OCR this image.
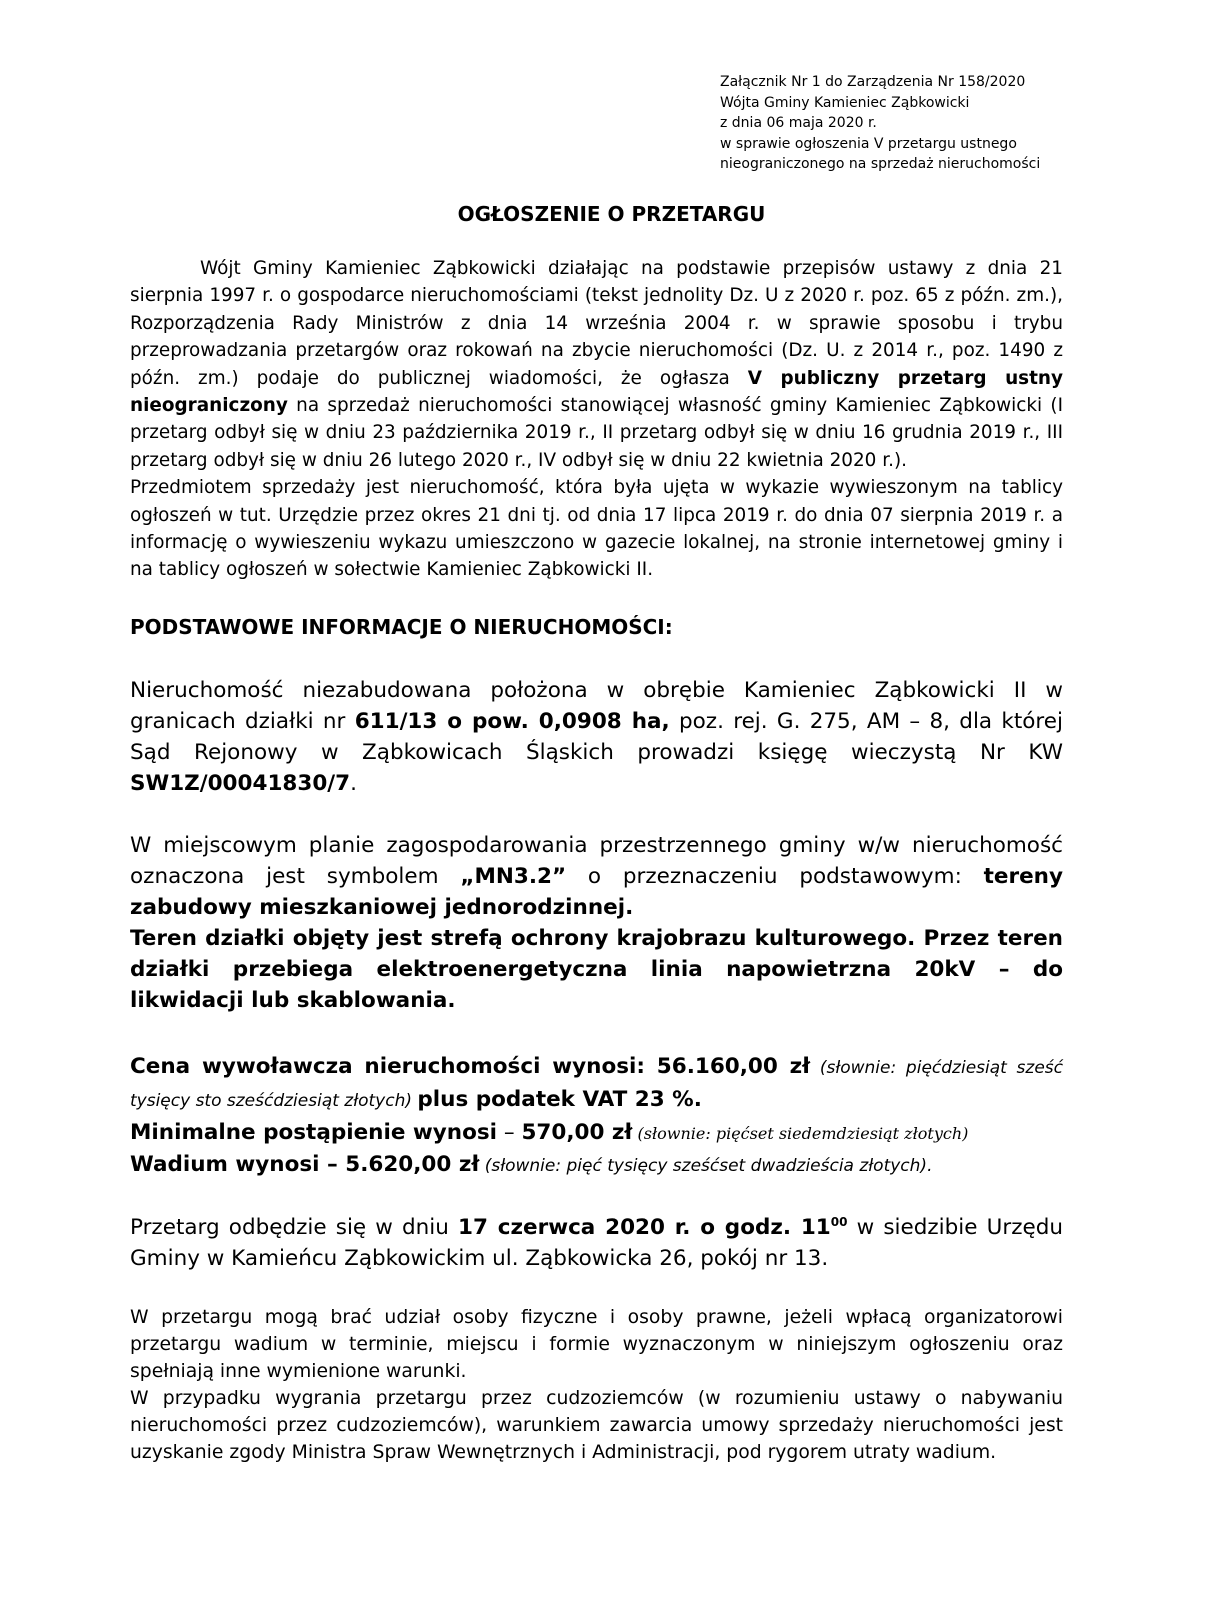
Załącznik Nr 1 do Zarządzenia Nr 158/2020
Wójta Gminy Kamieniec Ząbkowicki
z dnia 06 maja 2020 r.
w sprawie ogłoszenia V przetargu ustnego
nieograniczonego na sprzedaż nieruchomości
OGŁOSZENIE O PRZETARGU

Wójt Gminy Kamieniec Ząbkowicki działając na podstawie przepisów ustawy z dnia 21 sierpnia 1997 r. o gospodarce nieruchomościami (tekst jednolity Dz. U z 2020 r. poz. 65 z późn. zm.), Rozporządzenia Rady Ministrów z dnia 14 września 2004 r. w sprawie sposobu i trybu przeprowadzania przetargów oraz rokowań na zbycie nieruchomości (Dz. U. z 2014 r., poz. 1490 z późn. zm.) podaje do publicznej wiadomości, że ogłasza V publiczny przetarg ustny nieograniczony na sprzedaż nieruchomości stanowiącej własność gminy Kamieniec Ząbkowicki (I przetarg odbył się w dniu 23 października 2019 r., II przetarg odbył się w dniu 16 grudnia 2019 r., III przetarg odbył się w dniu 26 lutego 2020 r., IV odbył się w dniu 22 kwietnia 2020 r.).

Przedmiotem sprzedaży jest nieruchomość, która była ujęta w wykazie wywieszonym na tablicy ogłoszeń w tut. Urzędzie przez okres 21 dni tj. od dnia 17 lipca 2019 r. do dnia 07 sierpnia 2019 r. a informację o wywieszeniu wykazu umieszczono w gazecie lokalnej, na stronie internetowej gminy i na tablicy ogłoszeń w sołectwie Kamieniec Ząbkowicki II.

PODSTAWOWE INFORMACJE O NIERUCHOMOŚCI:

Nieruchomość niezabudowana położona w obrębie Kamieniec Ząbkowicki II w granicach działki nr 611/13 o pow. 0,0908 ha, poz. rej. G. 275, AM – 8, dla której Sąd Rejonowy w Ząbkowicach Śląskich prowadzi księgę wieczystą Nr KW SW1Z/00041830/7.

W miejscowym planie zagospodarowania przestrzennego gminy w/w nieruchomość oznaczona jest symbolem „MN3.2” o przeznaczeniu podstawowym: tereny zabudowy mieszkaniowej jednorodzinnej.

Teren działki objęty jest strefą ochrony krajobrazu kulturowego. Przez teren działki przebiega elektroenergetyczna linia napowietrzna 20kV – do likwidacji lub skablowania.

Cena wywoławcza nieruchomości wynosi: 56.160,00 zł (słownie: pięćdziesiąt sześć tysięcy sto sześćdziesiąt złotych) plus podatek VAT 23 %.

Minimalne postąpienie wynosi – 570,00 zł (słownie: pięćset siedemdziesiąt złotych)

Wadium wynosi – 5.620,00 zł (słownie: pięć tysięcy sześćset dwadzieścia złotych).

Przetarg odbędzie się w dniu 17 czerwca 2020 r. o godz. $11^{00}$ w siedzibie Urzędu Gminy w Kamieńcu Ząbkowickim ul. Ząbkowicka 26, pokój nr 13.

W przetargu mogą brać udział osoby fizyczne i osoby prawne, jeżeli wpłacą organizatorowi przetargu wadium w terminie, miejscu i formie wyznaczonym w niniejszym ogłoszeniu oraz spełniają inne wymienione warunki.

W przypadku wygrania przetargu przez cudzoziemców (w rozumieniu ustawy o nabywaniu nieruchomości przez cudzoziemców), warunkiem zawarcia umowy sprzedaży nieruchomości jest uzyskanie zgody Ministra Spraw Wewnętrznych i Administracji, pod rygorem utraty wadium.
